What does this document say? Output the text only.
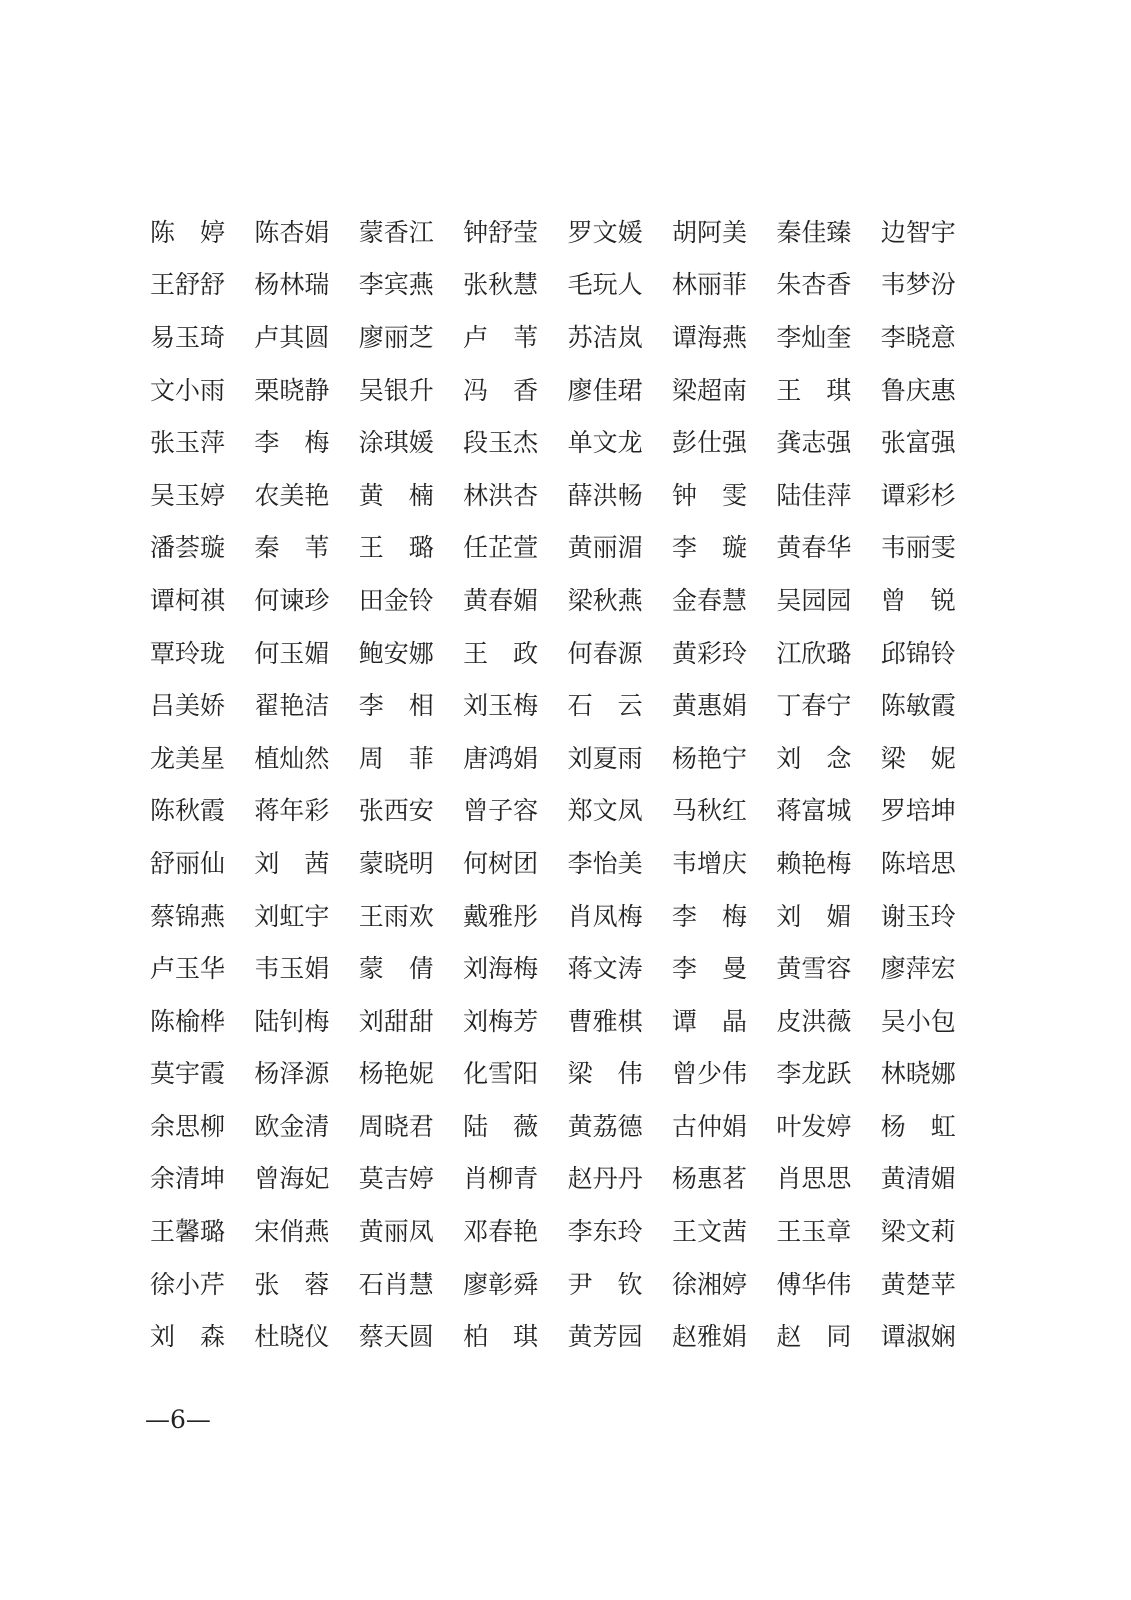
陈　婷	陈杏娟	蒙香江	钟舒莹	罗文媛	胡阿美	秦佳臻	边智宇
王舒舒	杨林瑞	李宾燕	张秋慧	毛玩人	林丽菲	朱杏香	韦梦汾
易玉琦	卢其圆	廖丽芝	卢　苇	苏洁岚	谭海燕	李灿奎	李晓意
文小雨	栗晓静	吴银升	冯　香	廖佳珺	梁超南	王　琪	鲁庆惠
张玉萍	李　梅	涂琪媛	段玉杰	单文龙	彭仕强	龚志强	张富强
吴玉婷	农美艳	黄　楠	林洪杏	薛洪畅	钟　雯	陆佳萍	谭彩杉
潘荟璇	秦　苇	王　璐	任芷萱	黄丽湄	李　璇	黄春华	韦丽雯
谭柯祺	何谏珍	田金铃	黄春媚	梁秋燕	金春慧	吴园园	曾　锐
覃玲珑	何玉媚	鲍安娜	王　政	何春源	黄彩玲	江欣璐	邱锦铃
吕美娇	翟艳洁	李　相	刘玉梅	石　云	黄惠娟	丁春宁	陈敏霞
龙美星	植灿然	周　菲	唐鸿娟	刘夏雨	杨艳宁	刘　念	梁　妮
陈秋霞	蒋年彩	张西安	曾子容	郑文凤	马秋红	蒋富城	罗培坤
舒丽仙	刘　茜	蒙晓明	何树团	李怡美	韦增庆	赖艳梅	陈培思
蔡锦燕	刘虹宇	王雨欢	戴雅彤	肖凤梅	李　梅	刘　媚	谢玉玲
卢玉华	韦玉娟	蒙　倩	刘海梅	蒋文涛	李　曼	黄雪容	廖萍宏
陈榆桦	陆钊梅	刘甜甜	刘梅芳	曹雅棋	谭　晶	皮洪薇	吴小包
莫宇霞	杨泽源	杨艳妮	化雪阳	梁　伟	曾少伟	李龙跃	林晓娜
余思柳	欧金清	周晓君	陆　薇	黄荔德	古仲娟	叶发婷	杨　虹
余清坤	曾海妃	莫吉婷	肖柳青	赵丹丹	杨惠茗	肖思思	黄清媚
王馨璐	宋俏燕	黄丽凤	邓春艳	李东玲	王文茜	王玉章	梁文莉
徐小芹	张　蓉	石肖慧	廖彰舜	尹　钦	徐湘婷	傅华伟	黄楚苹
刘　森	杜晓仪	蔡天圆	柏　琪	黄芳园	赵雅娟	赵　同	谭淑娴
—6—
